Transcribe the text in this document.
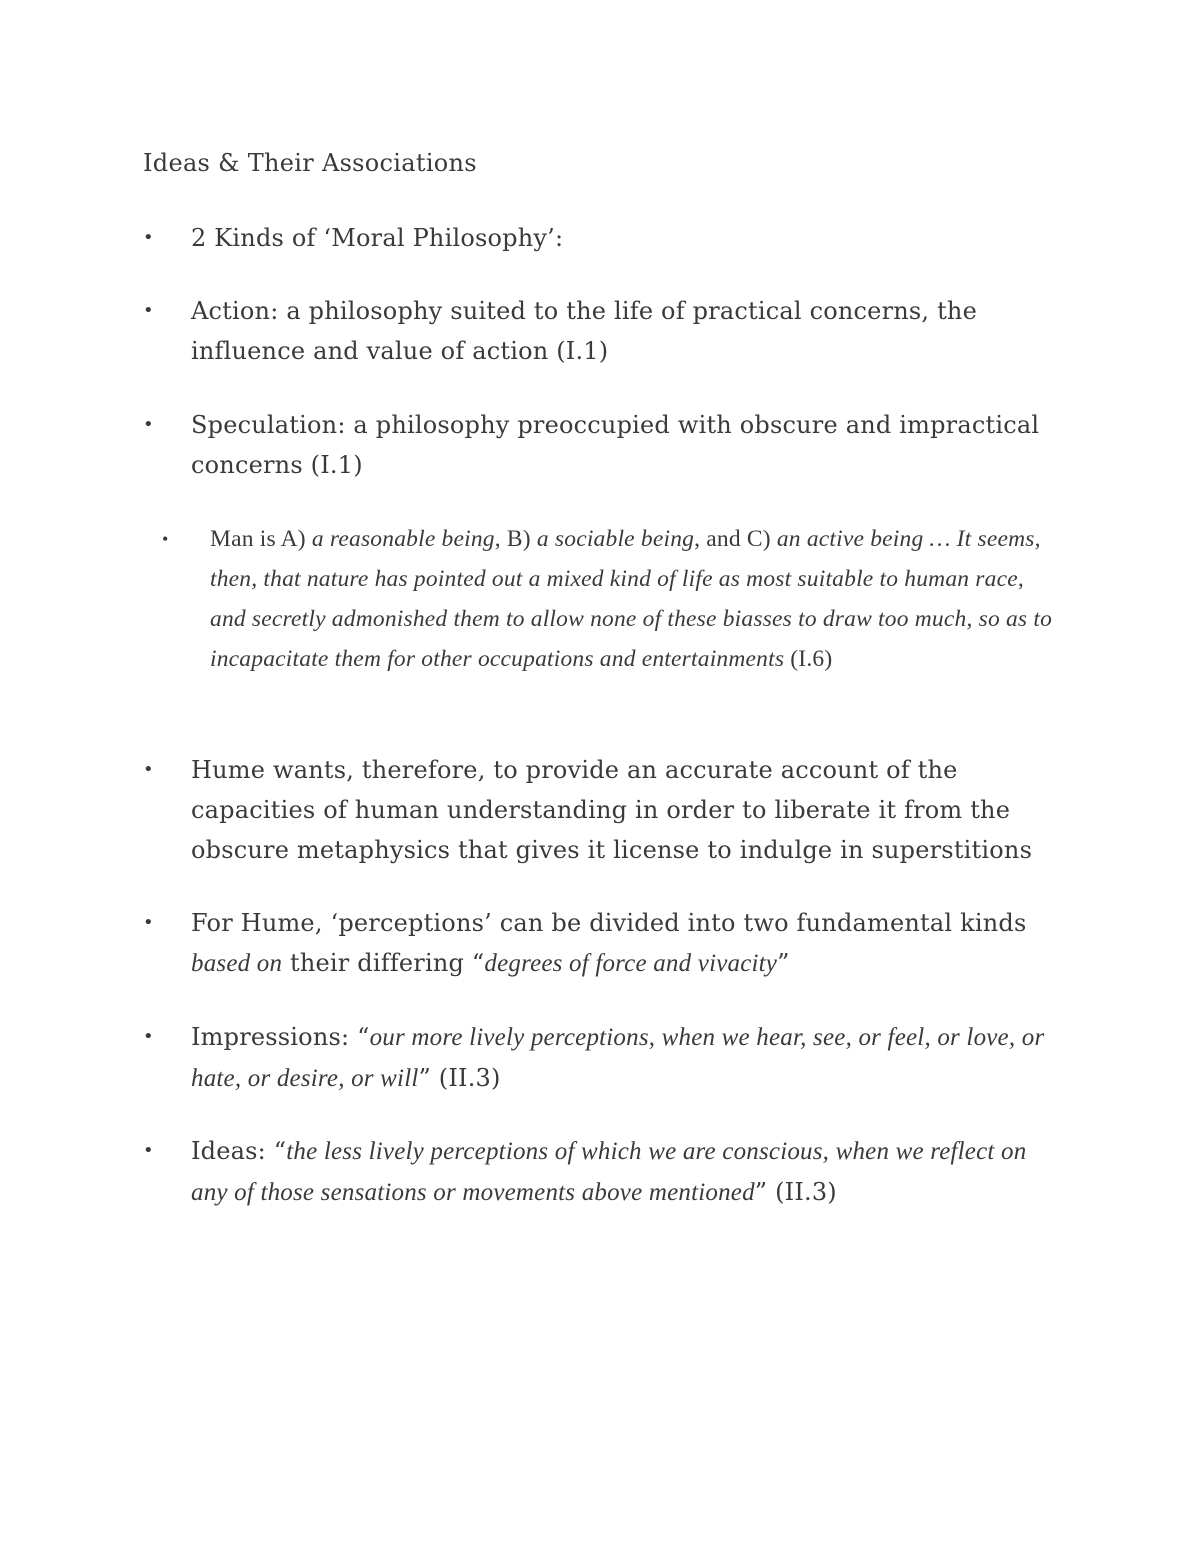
Ideas & Their Associations
• 2 Kinds of ‘Moral Philosophy’:
• Action: a philosophy suited to the life of practical concerns, the influence and value of action (I.1)
• Speculation: a philosophy preoccupied with obscure and impractical concerns (I.1)
• Man is A) a reasonable being, B) a sociable being, and C) an active being … It seems, then, that nature has pointed out a mixed kind of life as most suitable to human race, and secretly admonished them to allow none of these biasses to draw too much, so as to incapacitate them for other occupations and entertainments (I.6)
• Hume wants, therefore, to provide an accurate account of the capacities of human understanding in order to liberate it from the obscure metaphysics that gives it license to indulge in superstitions
• For Hume, ‘perceptions’ can be divided into two fundamental kinds based on their differing “degrees of force and vivacity”
• Impressions: “our more lively perceptions, when we hear, see, or feel, or love, or hate, or desire, or will” (II.3)
• Ideas: “the less lively perceptions of which we are conscious, when we reflect on any of those sensations or movements above mentioned” (II.3)
